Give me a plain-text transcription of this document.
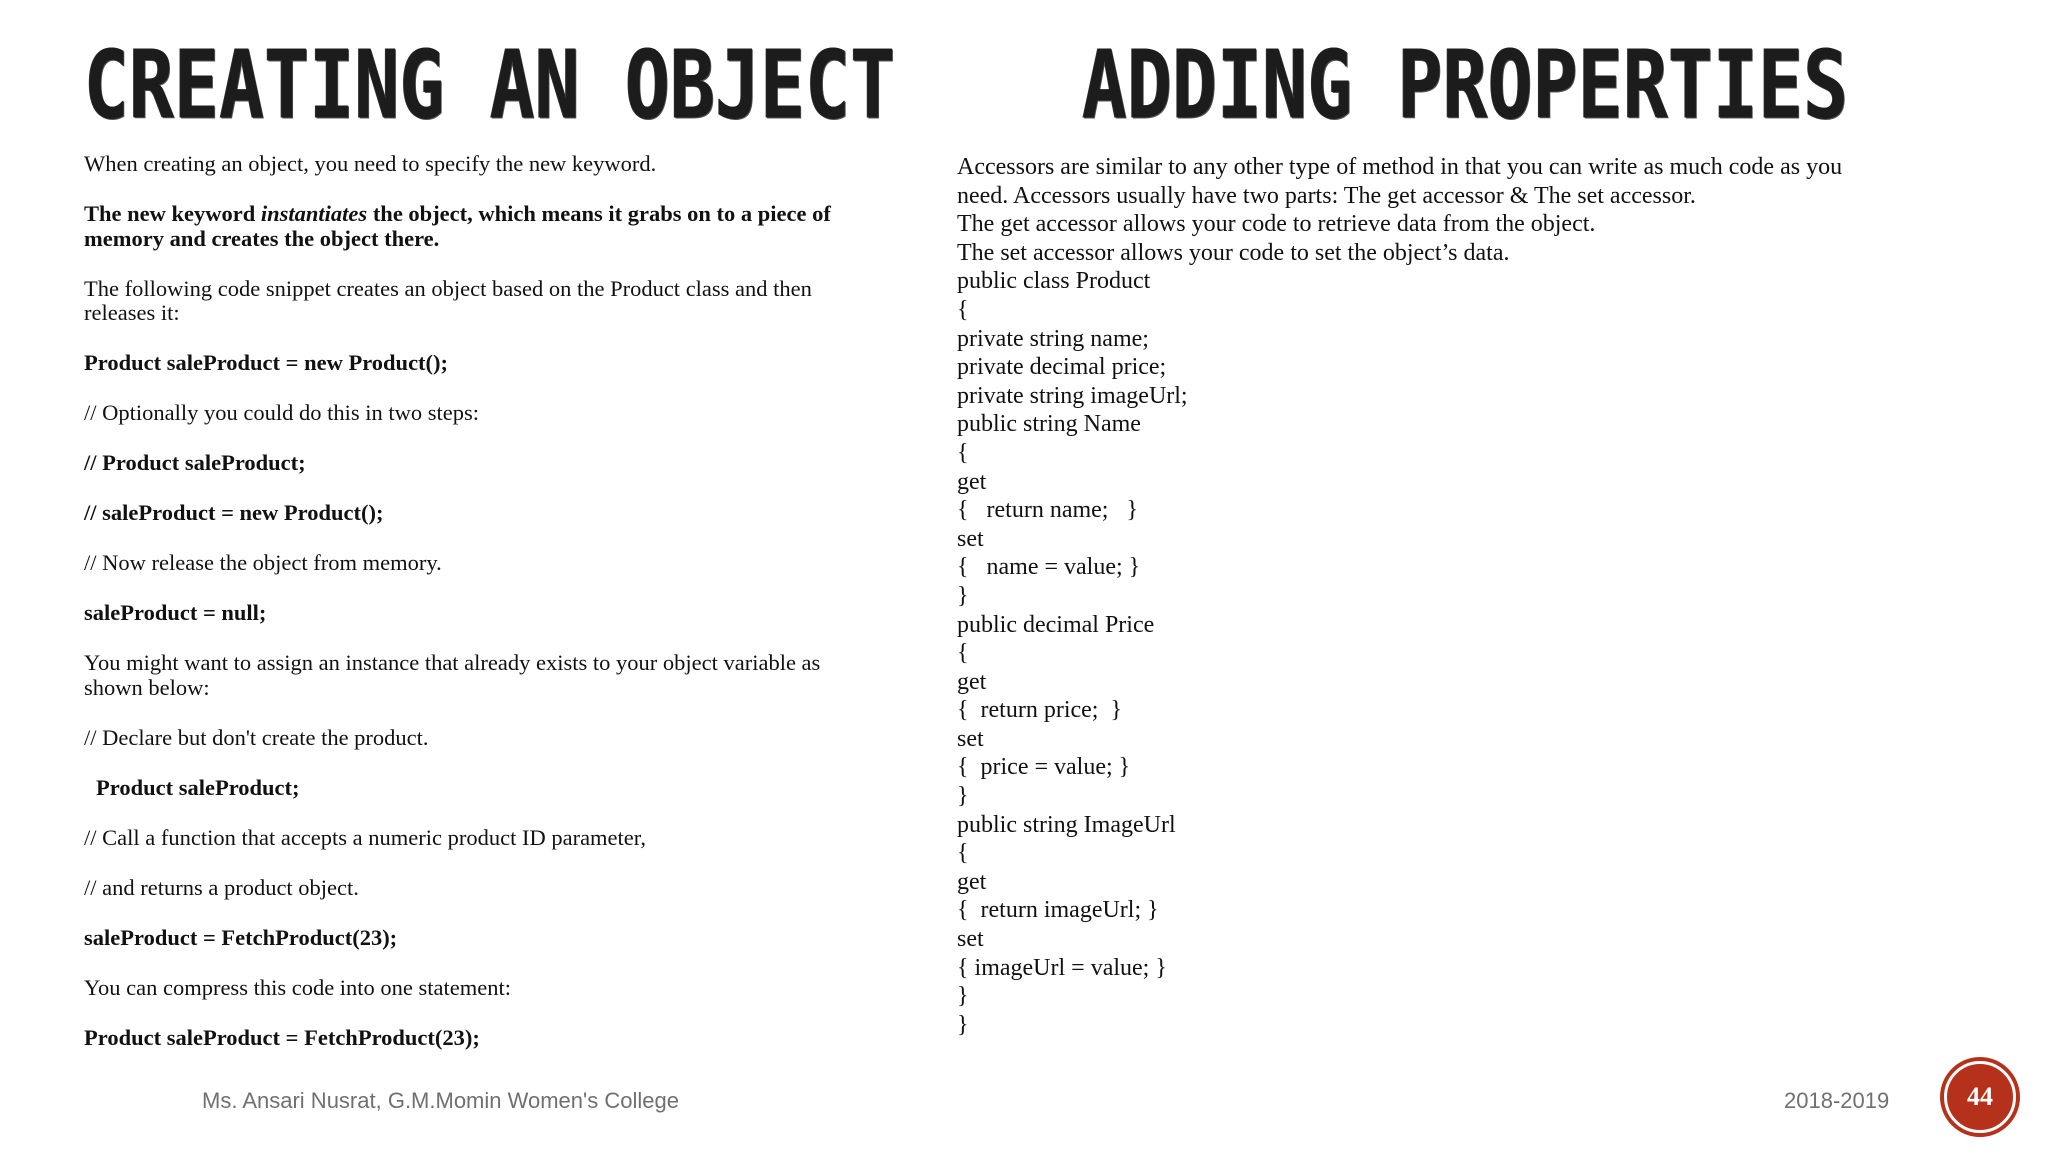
CREATING AN OBJECT ADDING PROPERTIES

When creating an object, you need to specify the new keyword.

The new keyword instantiates the object, which means it grabs on to a piece of memory and creates the object there.

The following code snippet creates an object based on the Product class and then releases it:

Product saleProduct = new Product();

// Optionally you could do this in two steps:

// Product saleProduct;

// saleProduct = new Product();

// Now release the object from memory.

saleProduct = null;

You might want to assign an instance that already exists to your object variable as shown below:

// Declare but don't create the product.

Product saleProduct;

// Call a function that accepts a numeric product ID parameter,

// and returns a product object.

saleProduct = FetchProduct(23);

You can compress this code into one statement:

Product saleProduct = FetchProduct(23);

Accessors are similar to any other type of method in that you can write as much code as you
need. Accessors usually have two parts: The get accessor & The set accessor.
The get accessor allows your code to retrieve data from the object.
The set accessor allows your code to set the object’s data.
public class Product
{
private string name;
private decimal price;
private string imageUrl;
public string Name
{
get
{   return name;   }
set
{   name = value; }
}
public decimal Price
{
get
{  return price;  }
set
{  price = value; }
}
public string ImageUrl
{
get
{  return imageUrl; }
set
{ imageUrl = value; }
}
}
Ms. Ansari Nusrat, G.M.Momin Women's College	2018-2019	44
